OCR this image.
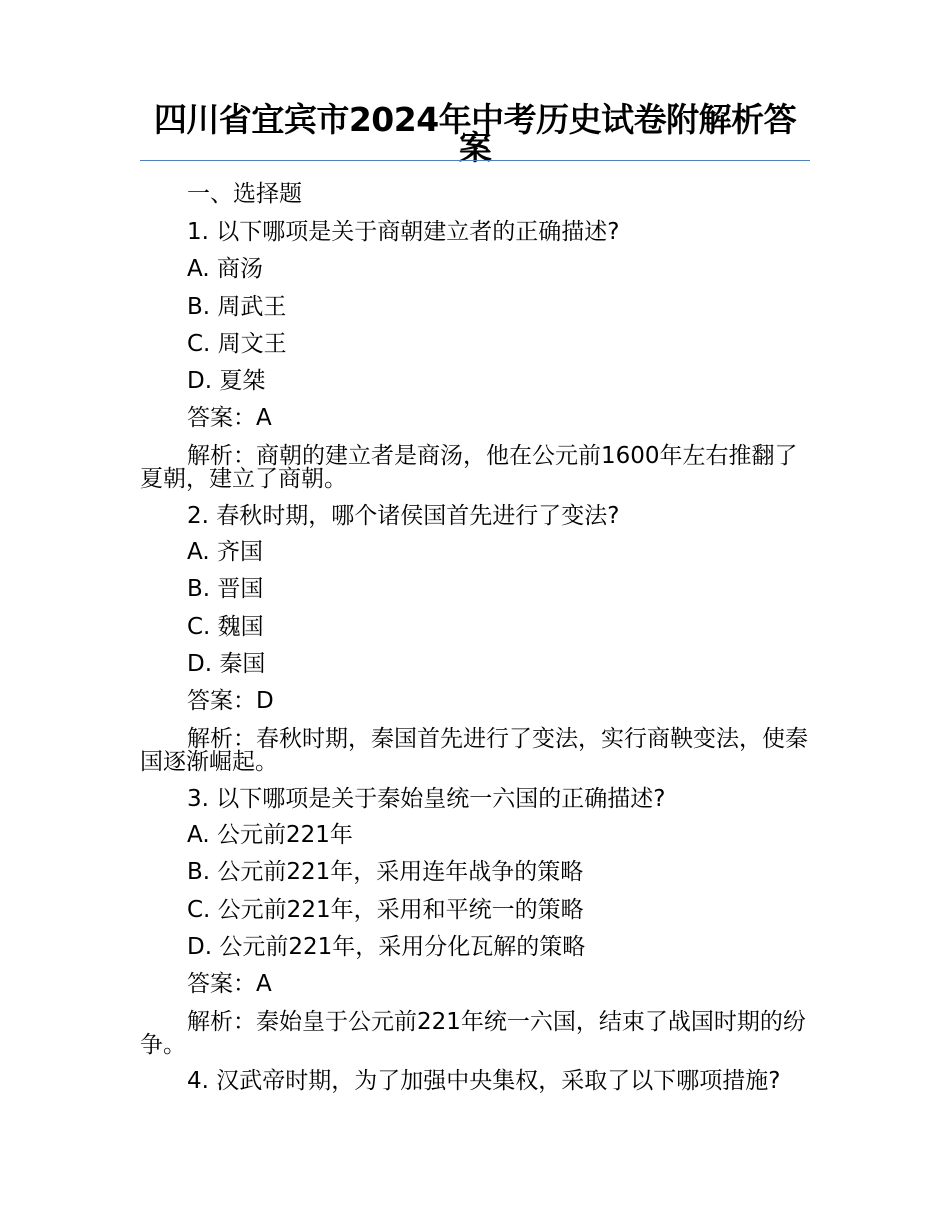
四川省宜宾市2024年中考历史试卷附解析答案
一、选择题
1. 以下哪项是关于商朝建立者的正确描述?
A. 商汤
B. 周武王
C. 周文王
D. 夏桀
答案：A
解析：商朝的建立者是商汤，他在公元前1600年左右推翻了夏朝，建立了商朝。
2. 春秋时期，哪个诸侯国首先进行了变法?
A. 齐国
B. 晋国
C. 魏国
D. 秦国
答案：D
解析：春秋时期，秦国首先进行了变法，实行商鞅变法，使秦国逐渐崛起。
3. 以下哪项是关于秦始皇统一六国的正确描述?
A. 公元前221年
B. 公元前221年，采用连年战争的策略
C. 公元前221年，采用和平统一的策略
D. 公元前221年，采用分化瓦解的策略
答案：A
解析：秦始皇于公元前221年统一六国，结束了战国时期的纷争。
4. 汉武帝时期，为了加强中央集权，采取了以下哪项措施?
